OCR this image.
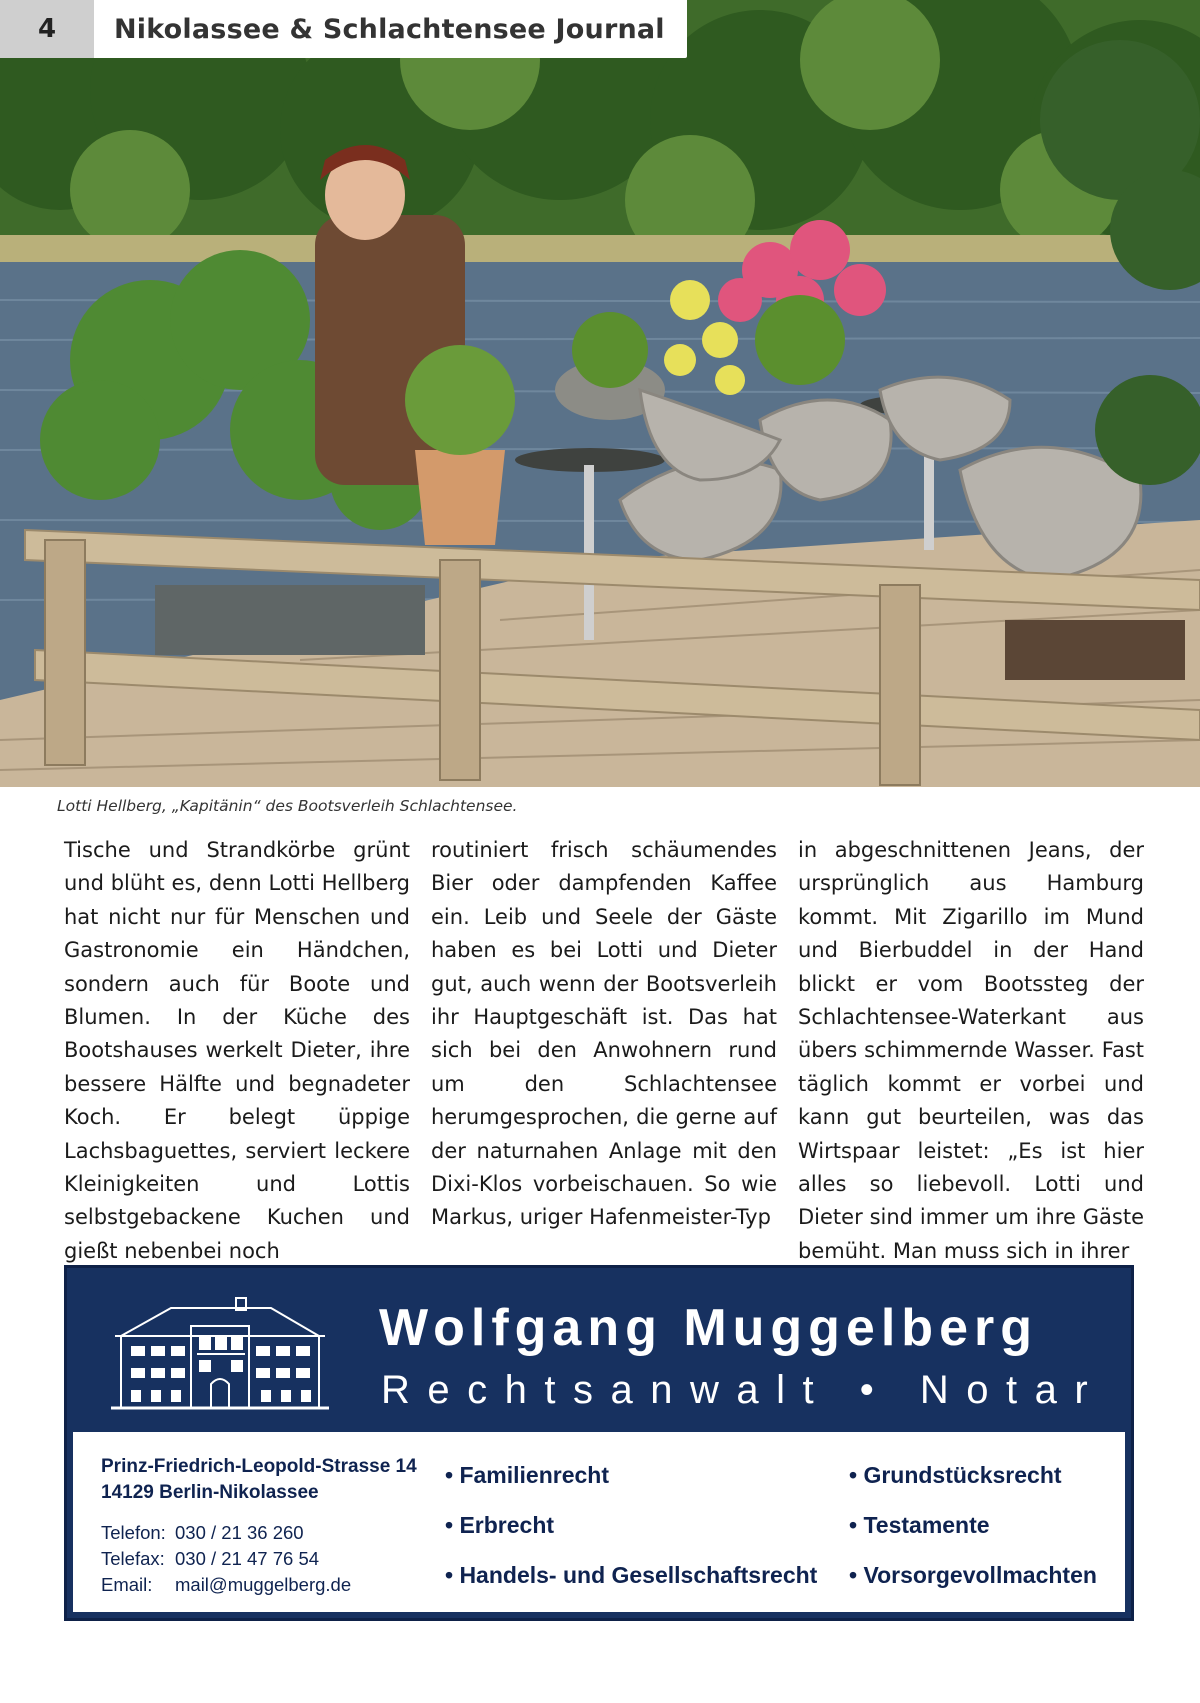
4	Nikolassee & Schlachtensee Journal
Lotti Hellberg, „Kapitänin“ des Bootsverleih Schlachtensee.

Tische und Strandkörbe grünt und blüht es, denn Lotti Hellberg hat nicht nur für Menschen und Gastronomie ein Händchen, sondern auch für Boote und Blumen. In der Küche des Bootshauses werkelt Dieter, ihre bessere Hälfte und begnadeter Koch. Er belegt üppige Lachsbaguettes, serviert leckere Kleinigkeiten und Lottis selbstgebackene Kuchen und gießt nebenbei noch

routiniert frisch schäumendes Bier oder dampfenden Kaffee ein. Leib und Seele der Gäste haben es bei Lotti und Dieter gut, auch wenn der Bootsverleih ihr Hauptgeschäft ist. Das hat sich bei den Anwohnern rund um den Schlachtensee herumgesprochen, die gerne auf der naturnahen Anlage mit den Dixi-Klos vorbeischauen. So wie Markus, uriger Hafenmeister-Typ

in abgeschnittenen Jeans, der ursprünglich aus Hamburg kommt. Mit Zigarillo im Mund und Bierbuddel in der Hand blickt er vom Bootssteg der Schlachtensee-Waterkant aus übers schimmernde Wasser. Fast täglich kommt er vorbei und kann gut beurteilen, was das Wirtspaar leistet: „Es ist hier alles so liebevoll. Lotti und Dieter sind immer um ihre Gäste bemüht. Man muss sich in ihrer

Wolfgang Muggelberg
Rechtsanwalt • Notar
Prinz-Friedrich-Leopold-Strasse 14
14129 Berlin-Nikolassee
Telefon: 030 / 21 36 260
Telefax: 030 / 21 47 76 54
Email:	mail@muggelberg.de
• Familienrecht
• Erbrecht
• Handels- und Gesellschaftsrecht
• Grundstücksrecht
• Testamente
• Vorsorgevollmachten
